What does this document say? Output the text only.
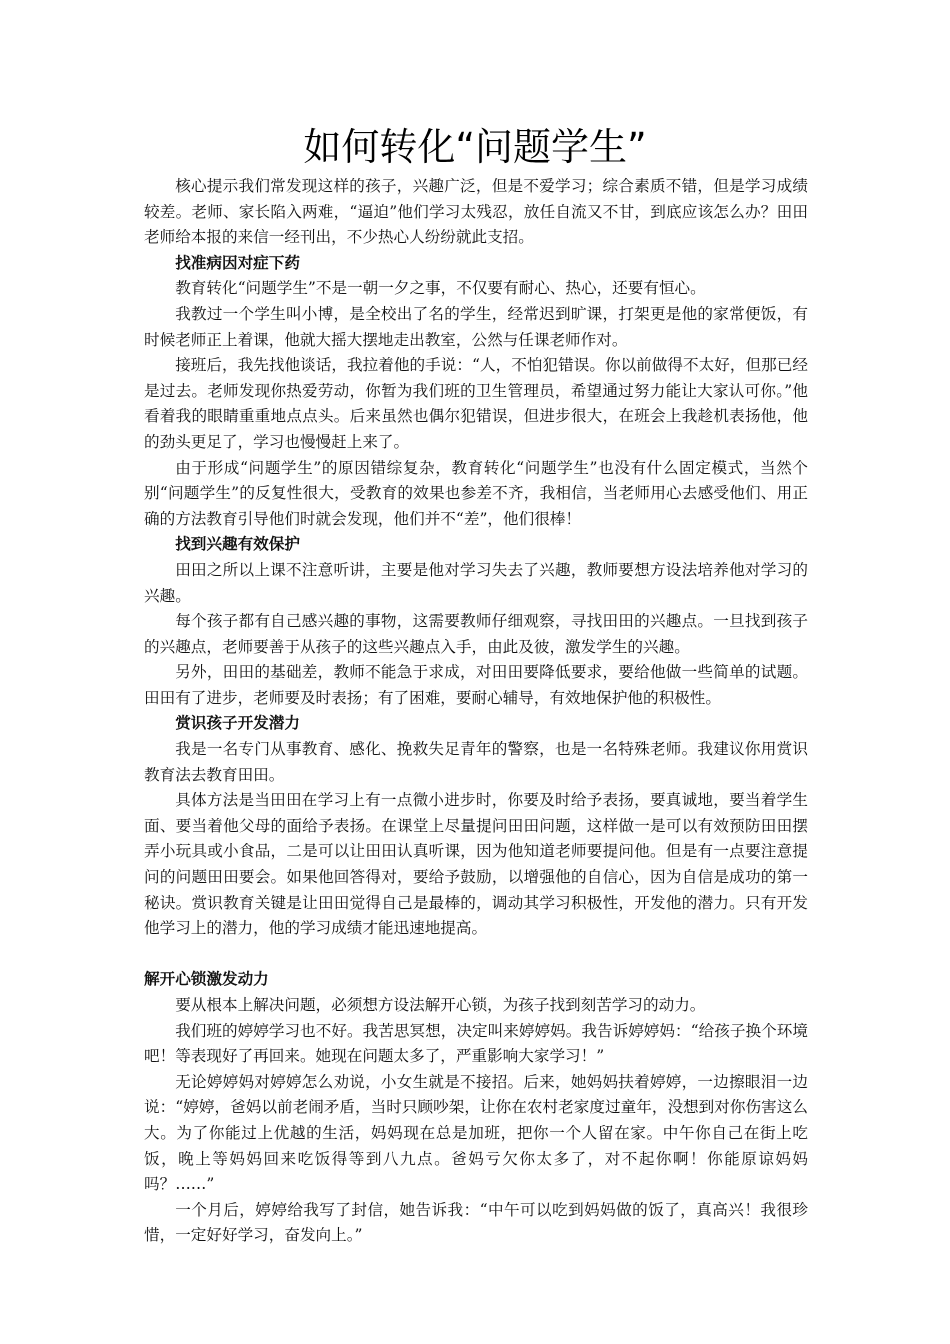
如何转化“问题学生”

核心提示我们常发现这样的孩子，兴趣广泛，但是不爱学习；综合素质不错，但是学习成绩较差。老师、家长陷入两难，“逼迫”他们学习太残忍，放任自流又不甘，到底应该怎么办？田田老师给本报的来信一经刊出，不少热心人纷纷就此支招。

找准病因对症下药

教育转化“问题学生”不是一朝一夕之事，不仅要有耐心、热心，还要有恒心。

我教过一个学生叫小博，是全校出了名的学生，经常迟到旷课，打架更是他的家常便饭，有时候老师正上着课，他就大摇大摆地走出教室，公然与任课老师作对。

接班后，我先找他谈话，我拉着他的手说：“人，不怕犯错误。你以前做得不太好，但那已经是过去。老师发现你热爱劳动，你暂为我们班的卫生管理员，希望通过努力能让大家认可你。”他看着我的眼睛重重地点点头。后来虽然也偶尔犯错误，但进步很大，在班会上我趁机表扬他，他的劲头更足了，学习也慢慢赶上来了。

由于形成“问题学生”的原因错综复杂，教育转化“问题学生”也没有什么固定模式，当然个别“问题学生”的反复性很大，受教育的效果也参差不齐，我相信，当老师用心去感受他们、用正确的方法教育引导他们时就会发现，他们并不“差”，他们很棒！

找到兴趣有效保护

田田之所以上课不注意听讲，主要是他对学习失去了兴趣，教师要想方设法培养他对学习的兴趣。

每个孩子都有自己感兴趣的事物，这需要教师仔细观察，寻找田田的兴趣点。一旦找到孩子的兴趣点，老师要善于从孩子的这些兴趣点入手，由此及彼，激发学生的兴趣。

另外，田田的基础差，教师不能急于求成，对田田要降低要求，要给他做一些简单的试题。田田有了进步，老师要及时表扬；有了困难，要耐心辅导，有效地保护他的积极性。

赏识孩子开发潜力

我是一名专门从事教育、感化、挽救失足青年的警察，也是一名特殊老师。我建议你用赏识教育法去教育田田。

具体方法是当田田在学习上有一点微小进步时，你要及时给予表扬，要真诚地，要当着学生面、要当着他父母的面给予表扬。在课堂上尽量提问田田问题，这样做一是可以有效预防田田摆弄小玩具或小食品，二是可以让田田认真听课，因为他知道老师要提问他。但是有一点要注意提问的问题田田要会。如果他回答得对，要给予鼓励，以增强他的自信心，因为自信是成功的第一秘诀。赏识教育关键是让田田觉得自己是最棒的，调动其学习积极性，开发他的潜力。只有开发他学习上的潜力，他的学习成绩才能迅速地提高。

解开心锁激发动力

要从根本上解决问题，必须想方设法解开心锁，为孩子找到刻苦学习的动力。

我们班的婷婷学习也不好。我苦思冥想，决定叫来婷婷妈。我告诉婷婷妈：“给孩子换个环境吧！等表现好了再回来。她现在问题太多了，严重影响大家学习！”

无论婷婷妈对婷婷怎么劝说，小女生就是不接招。后来，她妈妈扶着婷婷，一边擦眼泪一边说：“婷婷，爸妈以前老闹矛盾，当时只顾吵架，让你在农村老家度过童年，没想到对你伤害这么大。为了你能过上优越的生活，妈妈现在总是加班，把你一个人留在家。中午你自己在街上吃饭，晚上等妈妈回来吃饭得等到八九点。爸妈亏欠你太多了，对不起你啊！你能原谅妈妈吗？……”

一个月后，婷婷给我写了封信，她告诉我：“中午可以吃到妈妈做的饭了，真高兴！我很珍惜，一定好好学习，奋发向上。”
